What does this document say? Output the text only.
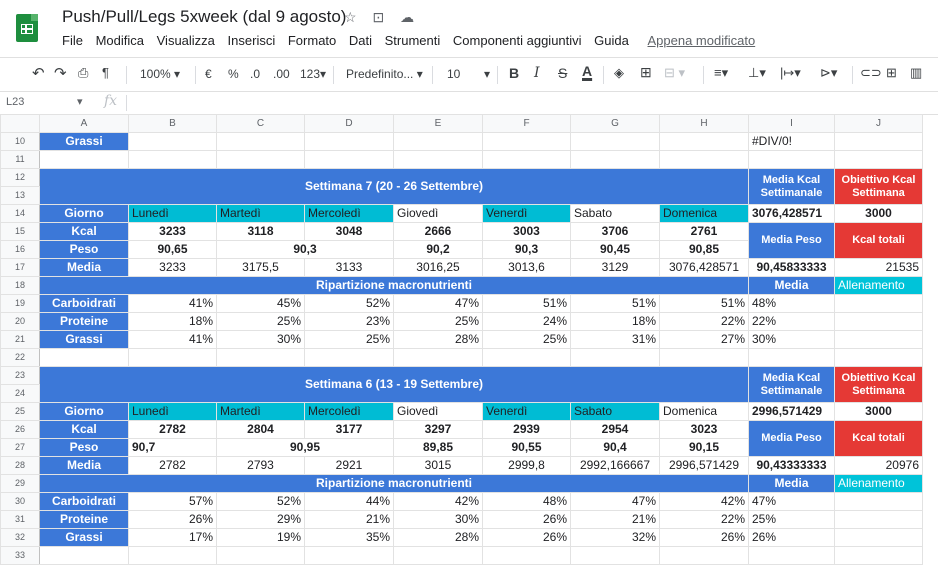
Push/Pull/Legs 5xweek (dal 9 agosto)
☆ ⊡ ☁
File Modifica Visualizza Inserisci Formato Dati Strumenti Componenti aggiuntivi Guida Appena modificato
↶ ↷ ⎙ ¶	100% ▾ € % .0 .00 123▾ Predefinito... ▾ 10 ▾ B I S A ◈ ⊞ ⊟ ▾ ≡▾ ⊥▾ |↦▾ ⊳▾ ⊂⊃ ⊞ ▥
L23	▾ fx
	A	B	C	D	E	F	G	H	I	J
10	Grassi								#DIV/0!	
11										
12	Settimana 7 (20 - 26 Settembre)								Media Kcal Settimanale	Obiettivo Kcal Settimana
13										
14	Giorno	Lunedì	Martedì	Mercoledì	Giovedì	Venerdì	Sabato	Domenica	3076,428571	3000
15	Kcal	3233	3118	3048	2666	3003	3706	2761	Media Peso	Kcal totali
16	Peso	90,65	90,3		90,2	90,3	90,45	90,85		
17	Media	3233	3175,5	3133	3016,25	3013,6	3129	3076,428571	90,45833333	21535
18	Ripartizione macronutrienti								Media	Allenamento
19	Carboidrati	41%	45%	52%	47%	51%	51%	51%	48%	
20	Proteine	18%	25%	23%	25%	24%	18%	22%	22%	
21	Grassi	41%	30%	25%	28%	25%	31%	27%	30%	
22										
23	Settimana 6 (13 - 19 Settembre)								Media Kcal Settimanale	Obiettivo Kcal Settimana
24										
25	Giorno	Lunedì	Martedì	Mercoledì	Giovedì	Venerdì	Sabato	Domenica	2996,571429	3000
26	Kcal	2782	2804	3177	3297	2939	2954	3023	Media Peso	Kcal totali
27	Peso	90,7	90,95		89,85	90,55	90,4	90,15		
28	Media	2782	2793	2921	3015	2999,8	2992,166667	2996,571429	90,43333333	20976
29	Ripartizione macronutrienti								Media	Allenamento
30	Carboidrati	57%	52%	44%	42%	48%	47%	42%	47%	
31	Proteine	26%	29%	21%	30%	26%	21%	22%	25%	
32	Grassi	17%	19%	35%	28%	26%	32%	26%	26%	
33										
